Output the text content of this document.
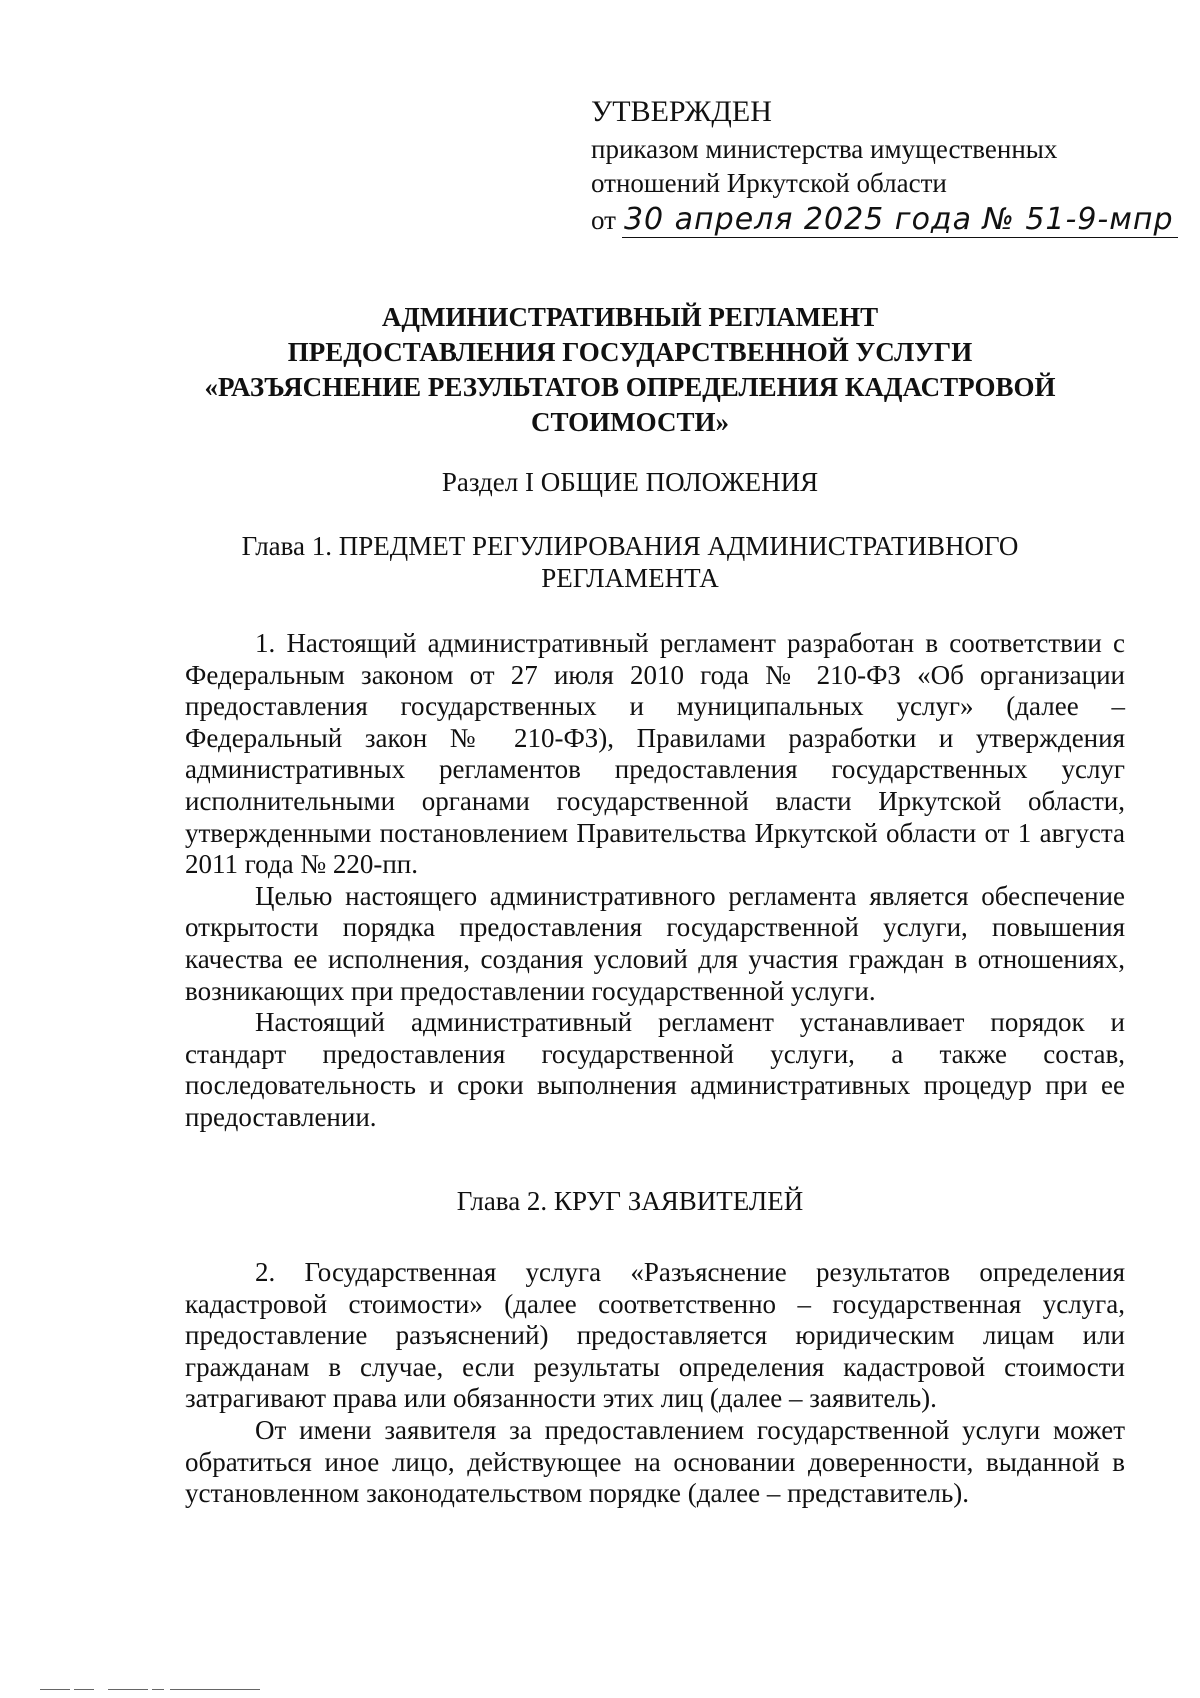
УТВЕРЖДЕН
приказом министерства имущественных
отношений Иркутской области
от 30 апреля 2025 года № 51-9-мпр
АДМИНИСТРАТИВНЫЙ РЕГЛАМЕНТ
ПРЕДОСТАВЛЕНИЯ ГОСУДАРСТВЕННОЙ УСЛУГИ
«РАЗЪЯСНЕНИЕ РЕЗУЛЬТАТОВ ОПРЕДЕЛЕНИЯ КАДАСТРОВОЙ
СТОИМОСТИ»
Раздел I ОБЩИЕ ПОЛОЖЕНИЯ
Глава 1. ПРЕДМЕТ РЕГУЛИРОВАНИЯ АДМИНИСТРАТИВНОГО
РЕГЛАМЕНТА

1. Настоящий административный регламент разработан в соответствии с Федеральным законом от 27 июля 2010 года № 210-ФЗ «Об организации предоставления государственных и муниципальных услуг» (далее – Федеральный закон № 210-ФЗ), Правилами разработки и утверждения административных регламентов предоставления государственных услуг исполнительными органами государственной власти Иркутской области, утвержденными постановлением Правительства Иркутской области от 1 августа 2011 года № 220-пп.

Целью настоящего административного регламента является обеспечение открытости порядка предоставления государственной услуги, повышения качества ее исполнения, создания условий для участия граждан в отношениях, возникающих при предоставлении государственной услуги.

Настоящий административный регламент устанавливает порядок и стандарт предоставления государственной услуги, а также состав, последовательность и сроки выполнения административных процедур при ее предоставлении.

Глава 2. КРУГ ЗАЯВИТЕЛЕЙ

2. Государственная услуга «Разъяснение результатов определения кадастровой стоимости» (далее соответственно – государственная услуга, предоставление разъяснений) предоставляется юридическим лицам или гражданам в случае, если результаты определения кадастровой стоимости затрагивают права или обязанности этих лиц (далее – заявитель).

От имени заявителя за предоставлением государственной услуги может обратиться иное лицо, действующее на основании доверенности, выданной в установленном законодательством порядке (далее – представитель).
